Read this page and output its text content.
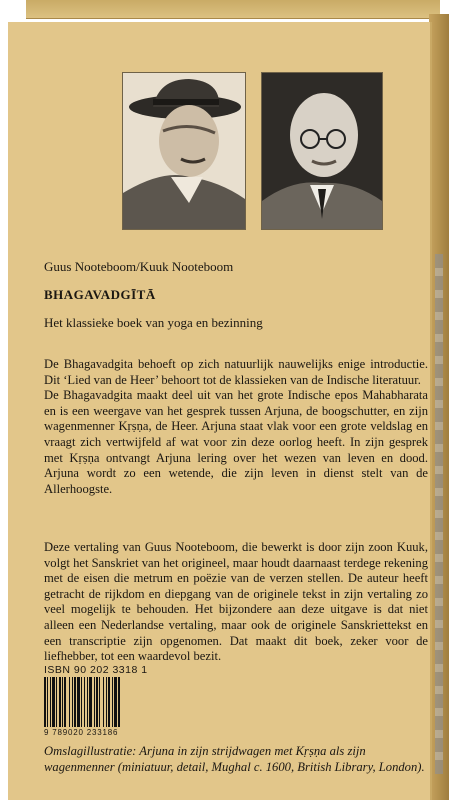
Guus Nooteboom/Kuuk Nooteboom
BHAGAVADGĪTĀ
Het klassieke boek van yoga en bezinning

De Bhagavadgita behoeft op zich natuurlijk nauwelijks enige introductie. Dit ‘Lied van de Heer’ behoort tot de klassieken van de Indische literatuur.

De Bhagavadgita maakt deel uit van het grote Indische epos Mahabharata en is een weergave van het gesprek tussen Arjuna, de boogschutter, en zijn wagenmenner Kṛṣṇa, de Heer. Arjuna staat vlak voor een grote veldslag en vraagt zich vertwijfeld af wat voor zin deze oorlog heeft. In zijn gesprek met Kṛṣṇa ontvangt Arjuna lering over het wezen van leven en dood. Arjuna wordt zo een wetende, die zijn leven in dienst stelt van de Allerhoogste.

Deze vertaling van Guus Nooteboom, die bewerkt is door zijn zoon Kuuk, volgt het Sanskriet van het origineel, maar houdt daarnaast terdege rekening met de eisen die metrum en poëzie van de verzen stellen. De auteur heeft getracht de rijkdom en diepgang van de originele tekst in zijn vertaling zo veel mogelijk te behouden. Het bijzondere aan deze uitgave is dat niet alleen een Nederlandse vertaling, maar ook de originele Sanskriettekst en een transcriptie zijn opgenomen. Dat maakt dit boek, zeker voor de liefhebber, tot een waardevol bezit.

ISBN 90 202 3318 1
9 789020 233186
Omslagillustratie: Arjuna in zijn strijdwagen met Kṛṣṇa als zijn wagenmenner (miniatuur, detail, Mughal c. 1600, British Library, London).
